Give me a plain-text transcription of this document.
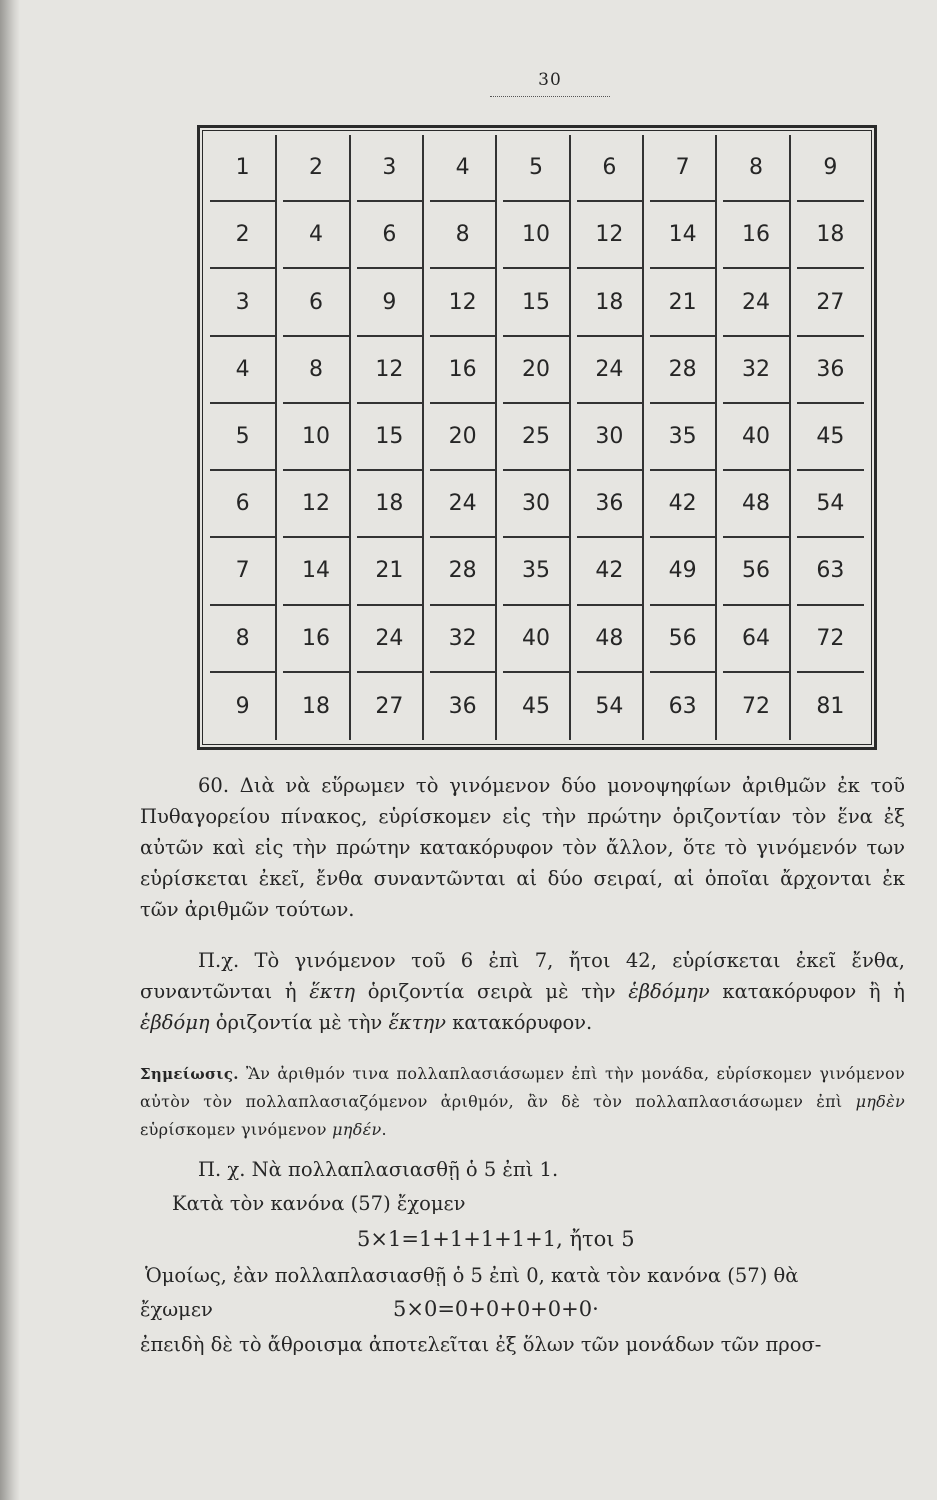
30
1	2	3	4	5	6	7	8	9
2	4	6	8	10	12	14	16	18
3	6	9	12	15	18	21	24	27
4	8	12	16	20	24	28	32	36
5	10	15	20	25	30	35	40	45
6	12	18	24	30	36	42	48	54
7	14	21	28	35	42	49	56	63
8	16	24	32	40	48	56	64	72
9	18	27	36	45	54	63	72	81
60. Διὰ νὰ εὕρωμεν τὸ γινόμενον δύο μονοψηφίων ἀριθμῶν ἐκ τοῦ Πυθαγορείου πίνακος, εὑρίσκομεν εἰς τὴν πρώτην ὁριζοντίαν τὸν ἕνα ἐξ αὐτῶν καὶ εἰς τὴν πρώτην κατακόρυφον τὸν ἄλλον, ὅτε τὸ γινόμενόν των εὑρίσκεται ἐκεῖ, ἔνθα συναντῶνται αἱ δύο σειραί, αἱ ὁποῖαι ἄρχονται ἐκ τῶν ἀριθμῶν τούτων.
Π.χ. Τὸ γινόμενον τοῦ 6 ἐπὶ 7, ἤτοι 42, εὑρίσκεται ἐκεῖ ἔνθα, συναντῶνται ἡ ἕκτη ὁριζοντία σειρὰ μὲ τὴν ἑβδόμην κατακόρυφον ἢ ἡ ἑβδόμη ὁριζοντία μὲ τὴν ἕκτην κατακόρυφον.
Σημείωσις. Ἂν ἀριθμόν τινα πολλαπλασιάσωμεν ἐπὶ τὴν μονάδα, εὑρίσκομεν γινόμενον αὐτὸν τὸν πολλαπλασιαζόμενον ἀριθμόν, ἂν δὲ τὸν πολλαπλασιάσωμεν ἐπὶ μηδὲν εὑρίσκομεν γινόμενον μηδέν.
Π. χ. Νὰ πολλαπλασιασθῇ ὁ 5 ἐπὶ 1.
Κατὰ τὸν κανόνα (57) ἔχομεν
5×1=1+1+1+1+1, ἤτοι 5
Ὁμοίως, ἐὰν πολλαπλασιασθῇ ὁ 5 ἐπὶ 0, κατὰ τὸν κανόνα (57) θὰ
ἔχωμεν	5×0=0+0+0+0+0·
ἐπειδὴ δὲ τὸ ἄθροισμα ἀποτελεῖται ἐξ ὅλων τῶν μονάδων τῶν προσ-
